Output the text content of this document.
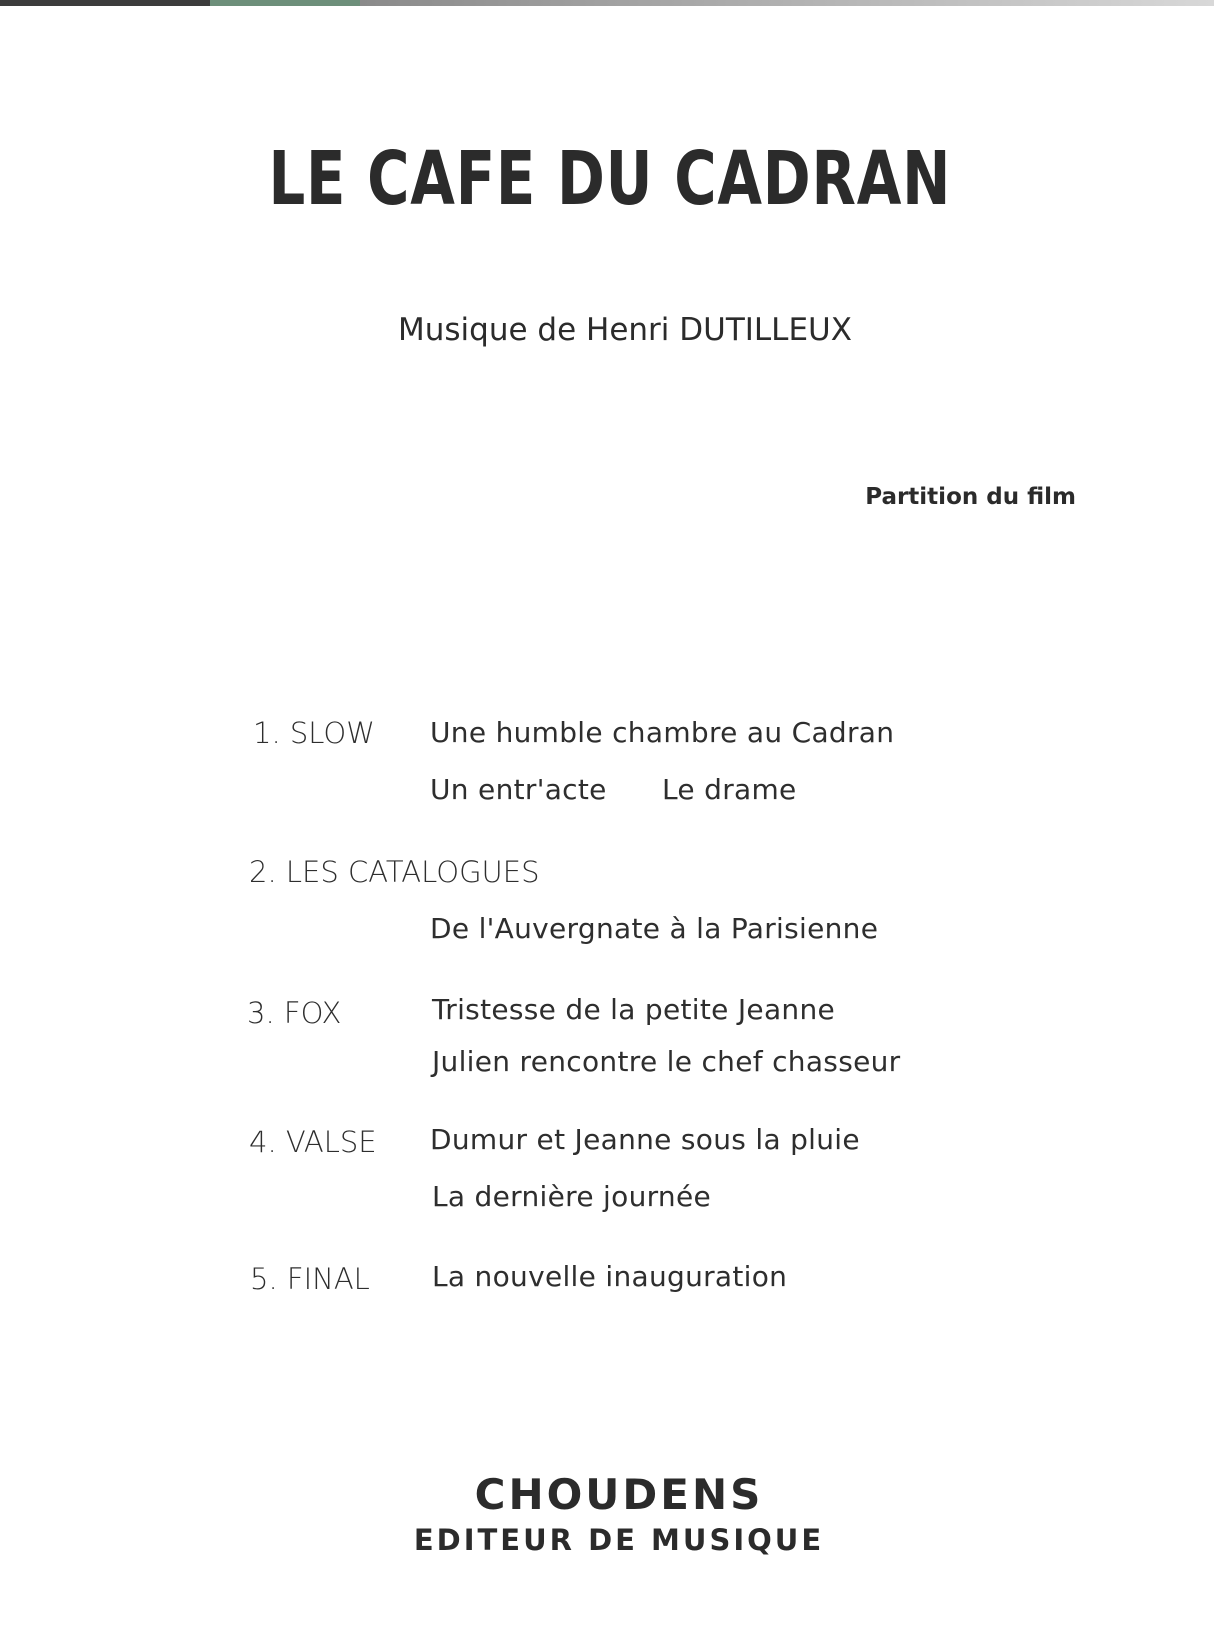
LE CAFE DU CADRAN
Musique de Henri DUTILLEUX
Partition du film
1. SLOW Une humble chambre au Cadran
Un entr'acte Le drame
2. LES CATALOGUES
De l'Auvergnate à la Parisienne
3. FOX	Tristesse de la petite Jeanne
Julien rencontre le chef chasseur
4. VALSE Dumur et Jeanne sous la pluie
La dernière journée
5. FINAL La nouvelle inauguration
CHOUDENS
EDITEUR DE MUSIQUE
